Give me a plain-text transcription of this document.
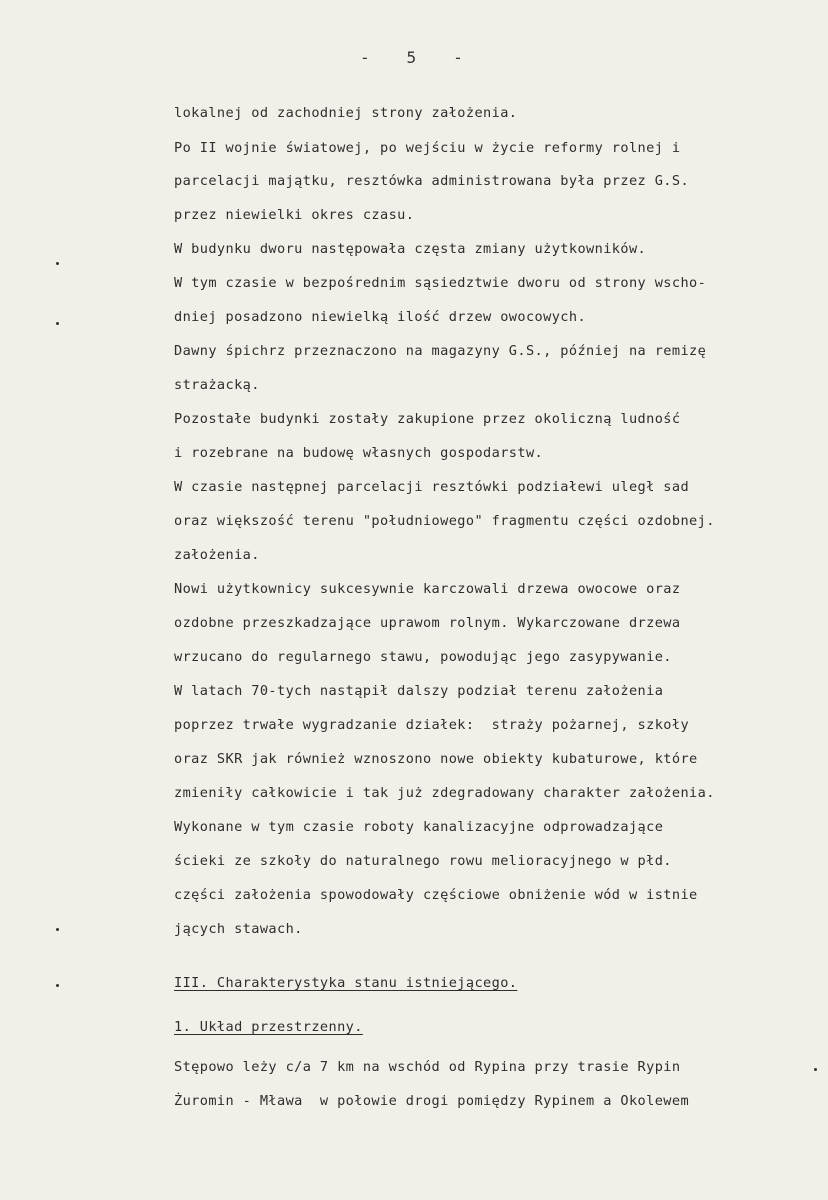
-   5   -
lokalnej od zachodniej strony założenia.
Po II wojnie światowej, po wejściu w życie reformy rolnej i
parcelacji majątku, resztówka administrowana była przez G.S.
przez niewielki okres czasu.
W budynku dworu następowała częsta zmiany użytkowników.
W tym czasie w bezpośrednim sąsiedztwie dworu od strony wscho-
dniej posadzono niewielką ilość drzew owocowych.
Dawny śpichrz przeznaczono na magazyny G.S., później na remizę
strażacką.
Pozostałe budynki zostały zakupione przez okoliczną ludność
i rozebrane na budowę własnych gospodarstw.
W czasie następnej parcelacji resztówki podziałewi uległ sad
oraz większość terenu "południowego" fragmentu części ozdobnej.
założenia.
Nowi użytkownicy sukcesywnie karczowali drzewa owocowe oraz
ozdobne przeszkadzające uprawom rolnym. Wykarczowane drzewa
wrzucano do regularnego stawu, powodując jego zasypywanie.
W latach 70-tych nastąpił dalszy podział terenu założenia
poprzez trwałe wygradzanie działek:  straży pożarnej, szkoły
oraz SKR jak również wznoszono nowe obiekty kubaturowe, które
zmieniły całkowicie i tak już zdegradowany charakter założenia.
Wykonane w tym czasie roboty kanalizacyjne odprowadzające
ścieki ze szkoły do naturalnego rowu melioracyjnego w płd.
części założenia spowodowały częściowe obniżenie wód w istnie
jących stawach.
III. Charakterystyka stanu istniejącego.
1. Układ przestrzenny.
Stępowo leży c/a 7 km na wschód od Rypina przy trasie Rypin
Żuromin - Mława  w połowie drogi pomiędzy Rypinem a Okolewem
